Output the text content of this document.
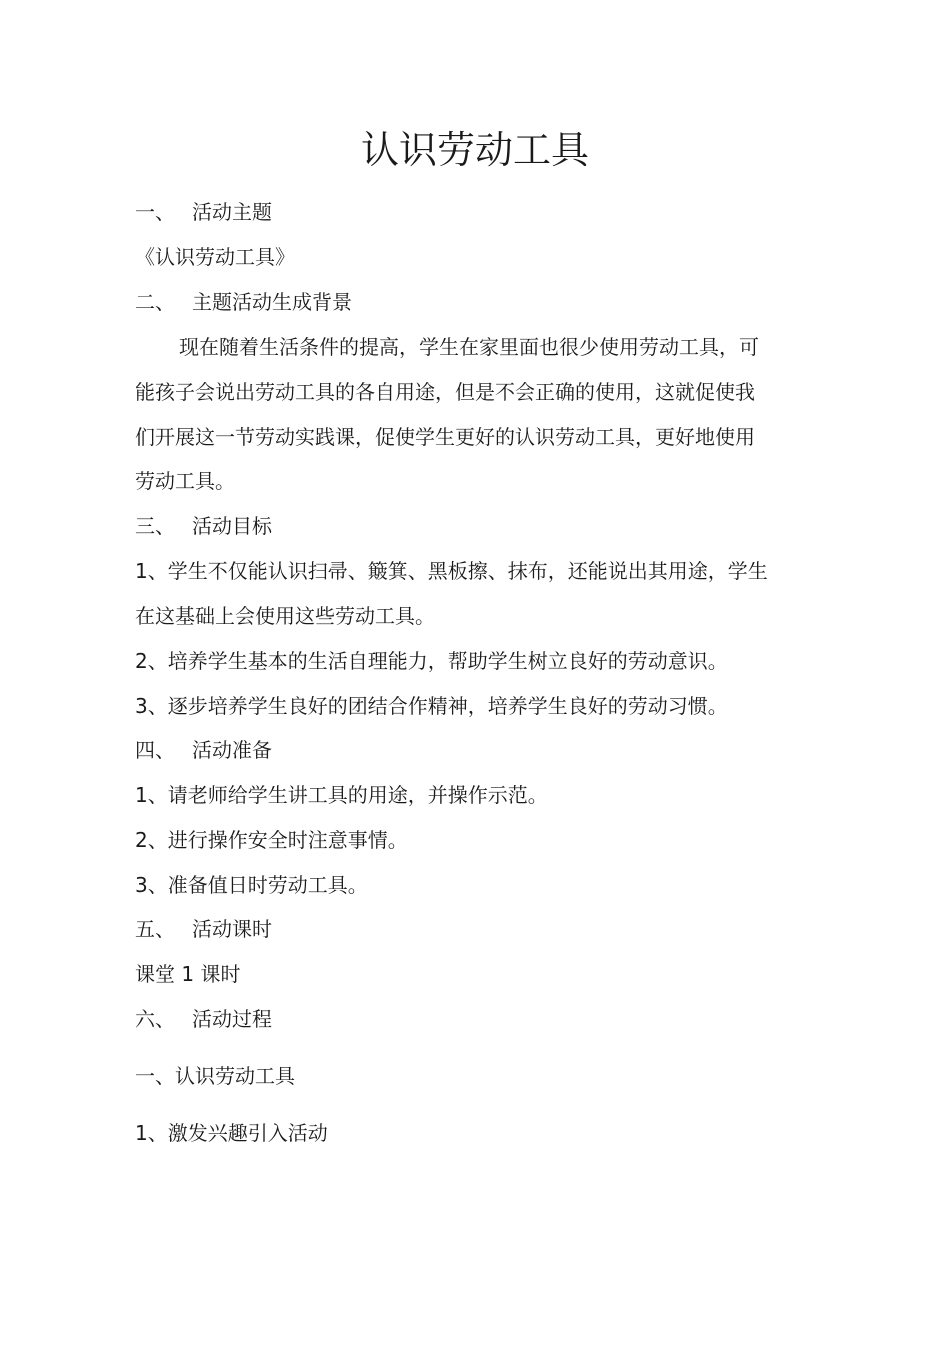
认识劳动工具
一、 活动主题
《认识劳动工具》
二、 主题活动生成背景
现在随着生活条件的提高，学生在家里面也很少使用劳动工具，可
能孩子会说出劳动工具的各自用途，但是不会正确的使用，这就促使我
们开展这一节劳动实践课，促使学生更好的认识劳动工具，更好地使用
劳动工具。
三、 活动目标
1、学生不仅能认识扫帚、簸箕、黑板擦、抹布，还能说出其用途，学生
在这基础上会使用这些劳动工具。
2、培养学生基本的生活自理能力，帮助学生树立良好的劳动意识。
3、逐步培养学生良好的团结合作精神，培养学生良好的劳动习惯。
四、 活动准备
1、请老师给学生讲工具的用途，并操作示范。
2、进行操作安全时注意事情。
3、准备值日时劳动工具。
五、 活动课时
课堂 1 课时
六、 活动过程
一、认识劳动工具
1、激发兴趣引入活动
